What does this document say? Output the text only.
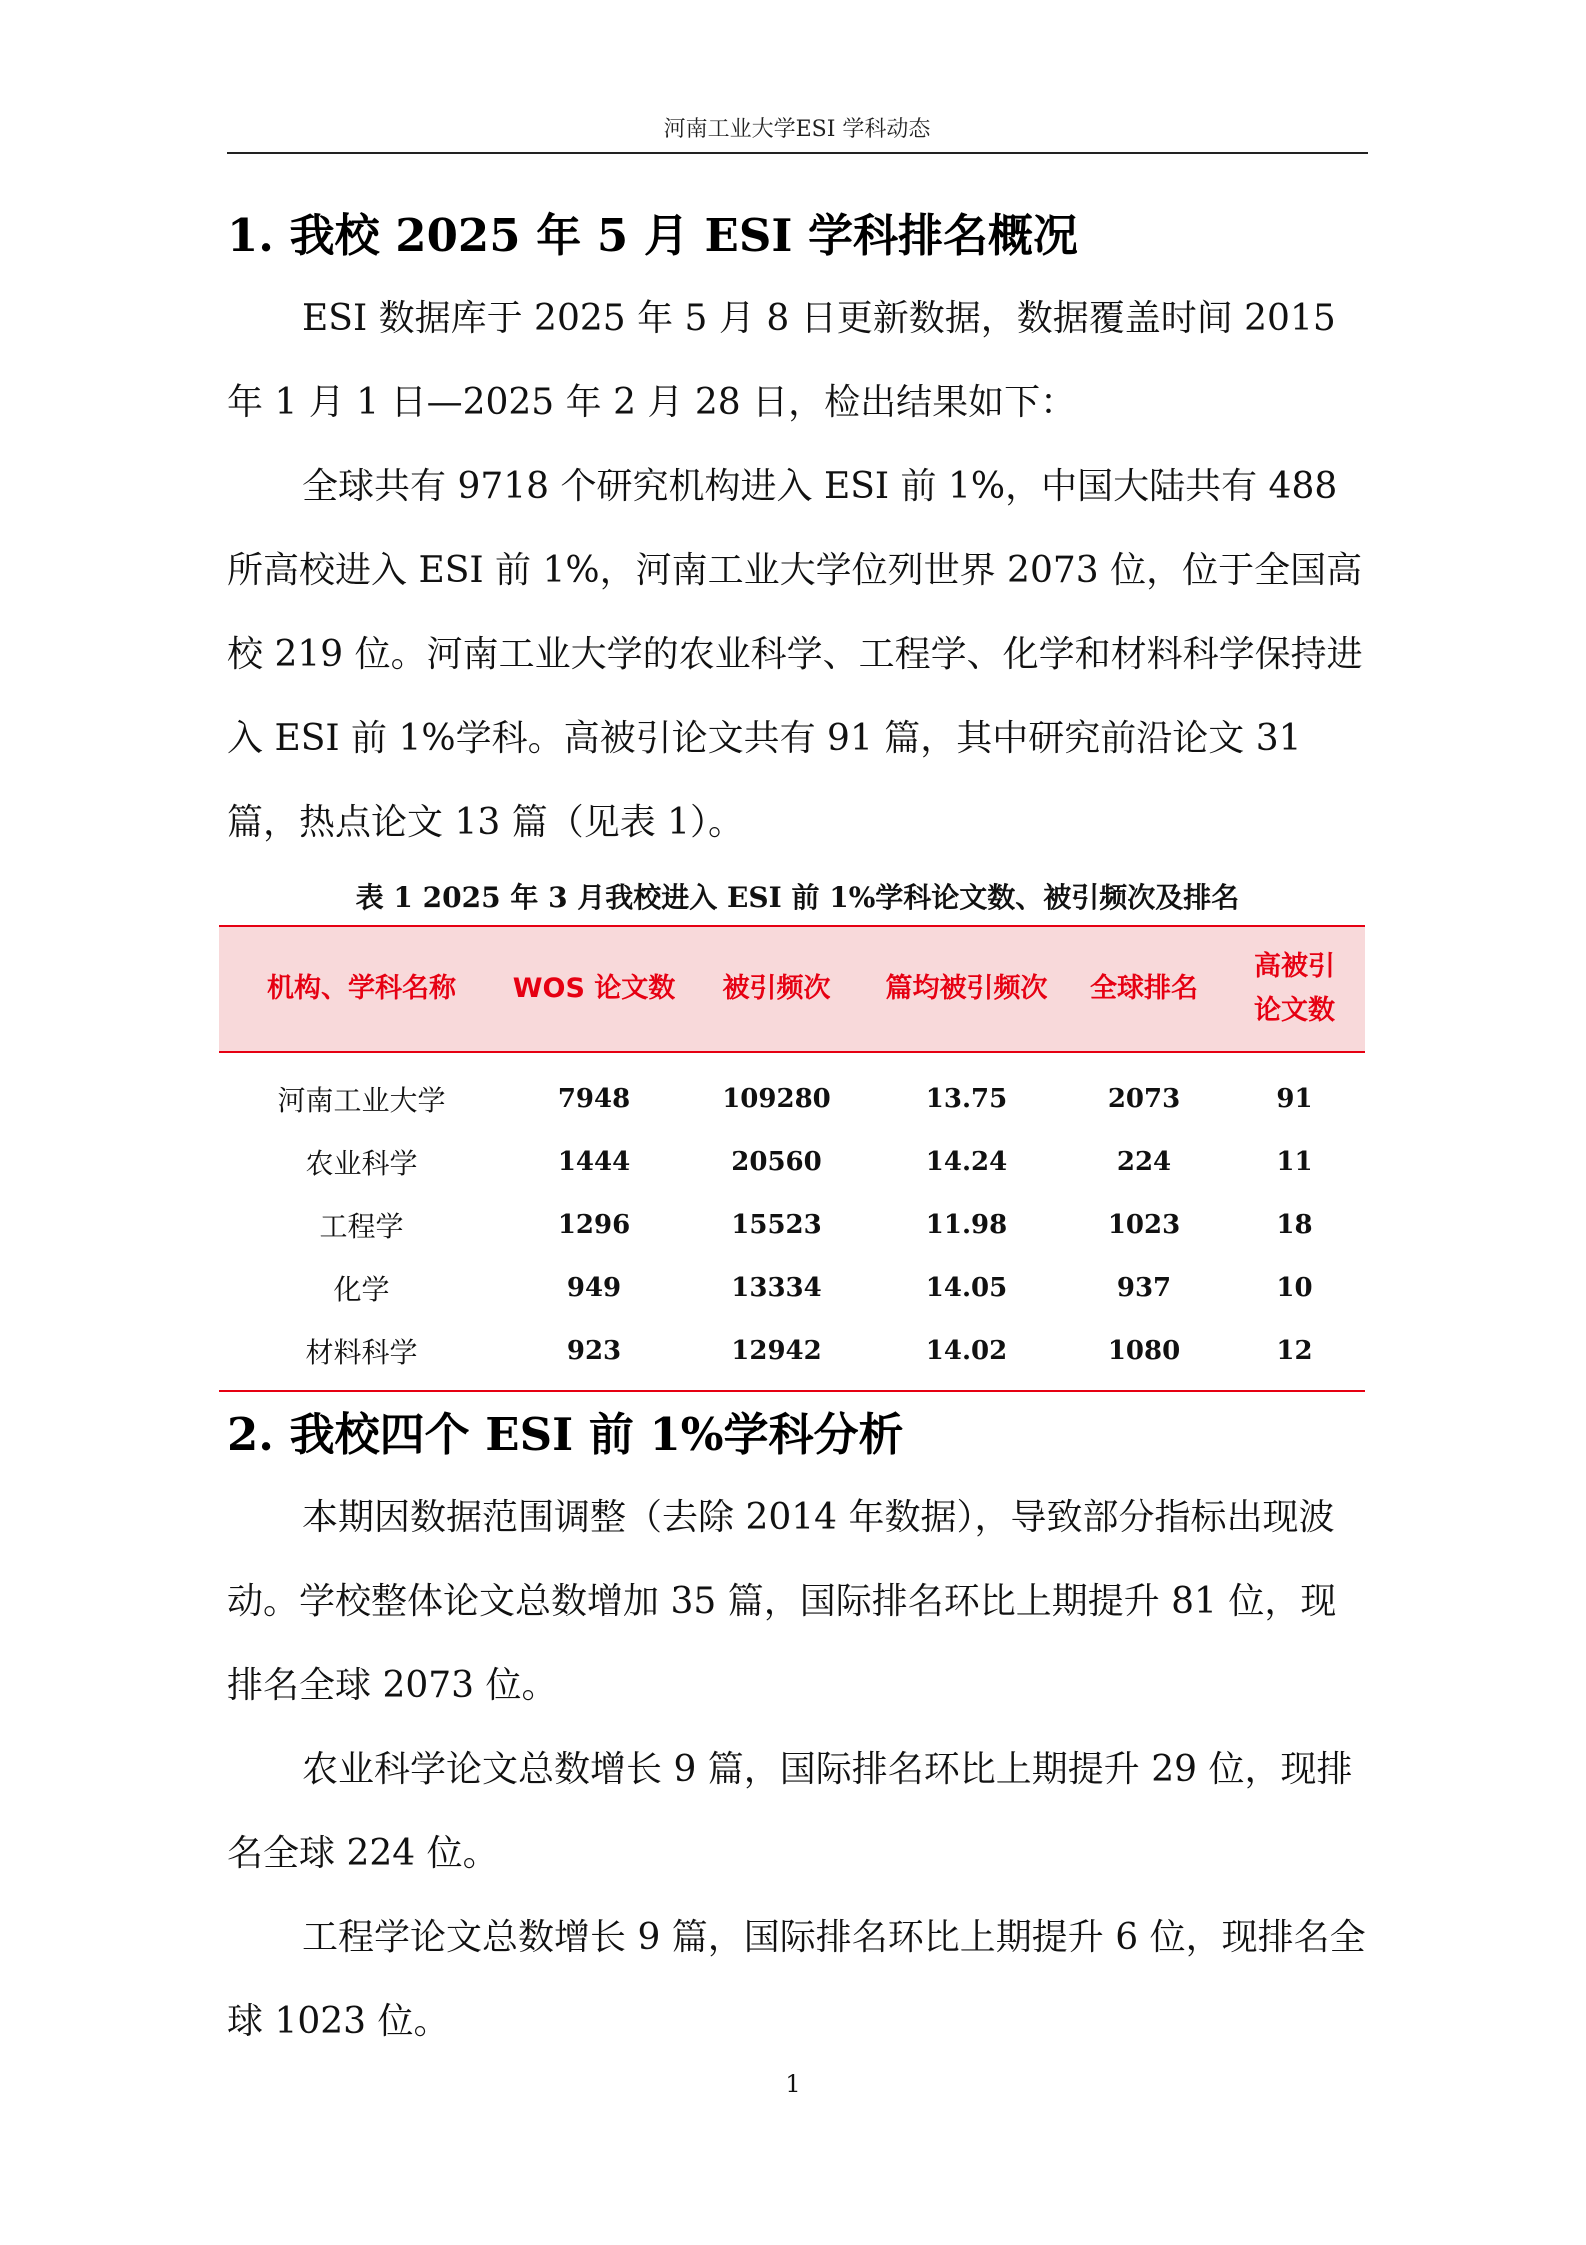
河南工业大学ESI 学科动态
1. 我校 2025 年 5 月 ESI 学科排名概况

ESI 数据库于 2025 年 5 月 8 日更新数据，数据覆盖时间 2015 年 1 月 1 日—2025 年 2 月 28 日，检出结果如下：

全球共有 9718 个研究机构进入 ESI 前 1%，中国大陆共有 488 所高校进入 ESI 前 1%，河南工业大学位列世界 2073 位，位于全国高校 219 位。河南工业大学的农业科学、工程学、化学和材料科学保持进入 ESI 前 1%学科。高被引论文共有 91 篇，其中研究前沿论文 31 篇，热点论文 13 篇（见表 1）。

表 1 2025 年 3 月我校进入 ESI 前 1%学科论文数、被引频次及排名
机构、学科名称	WOS 论文数	被引频次	篇均被引频次	全球排名	高被引
论文数

河南工业大学	7948	109280	13.75	2073	91
农业科学	1444	20560	14.24	224	11
工程学	1296	15523	11.98	1023	18
化学	949	13334	14.05	937	10
材料科学	923	12942	14.02	1080	12
2. 我校四个 ESI 前 1%学科分析

本期因数据范围调整（去除 2014 年数据），导致部分指标出现波动。学校整体论文总数增加 35 篇，国际排名环比上期提升 81 位，现排名全球 2073 位。

农业科学论文总数增长 9 篇，国际排名环比上期提升 29 位，现排名全球 224 位。

工程学论文总数增长 9 篇，国际排名环比上期提升 6 位，现排名全球 1023 位。

1
